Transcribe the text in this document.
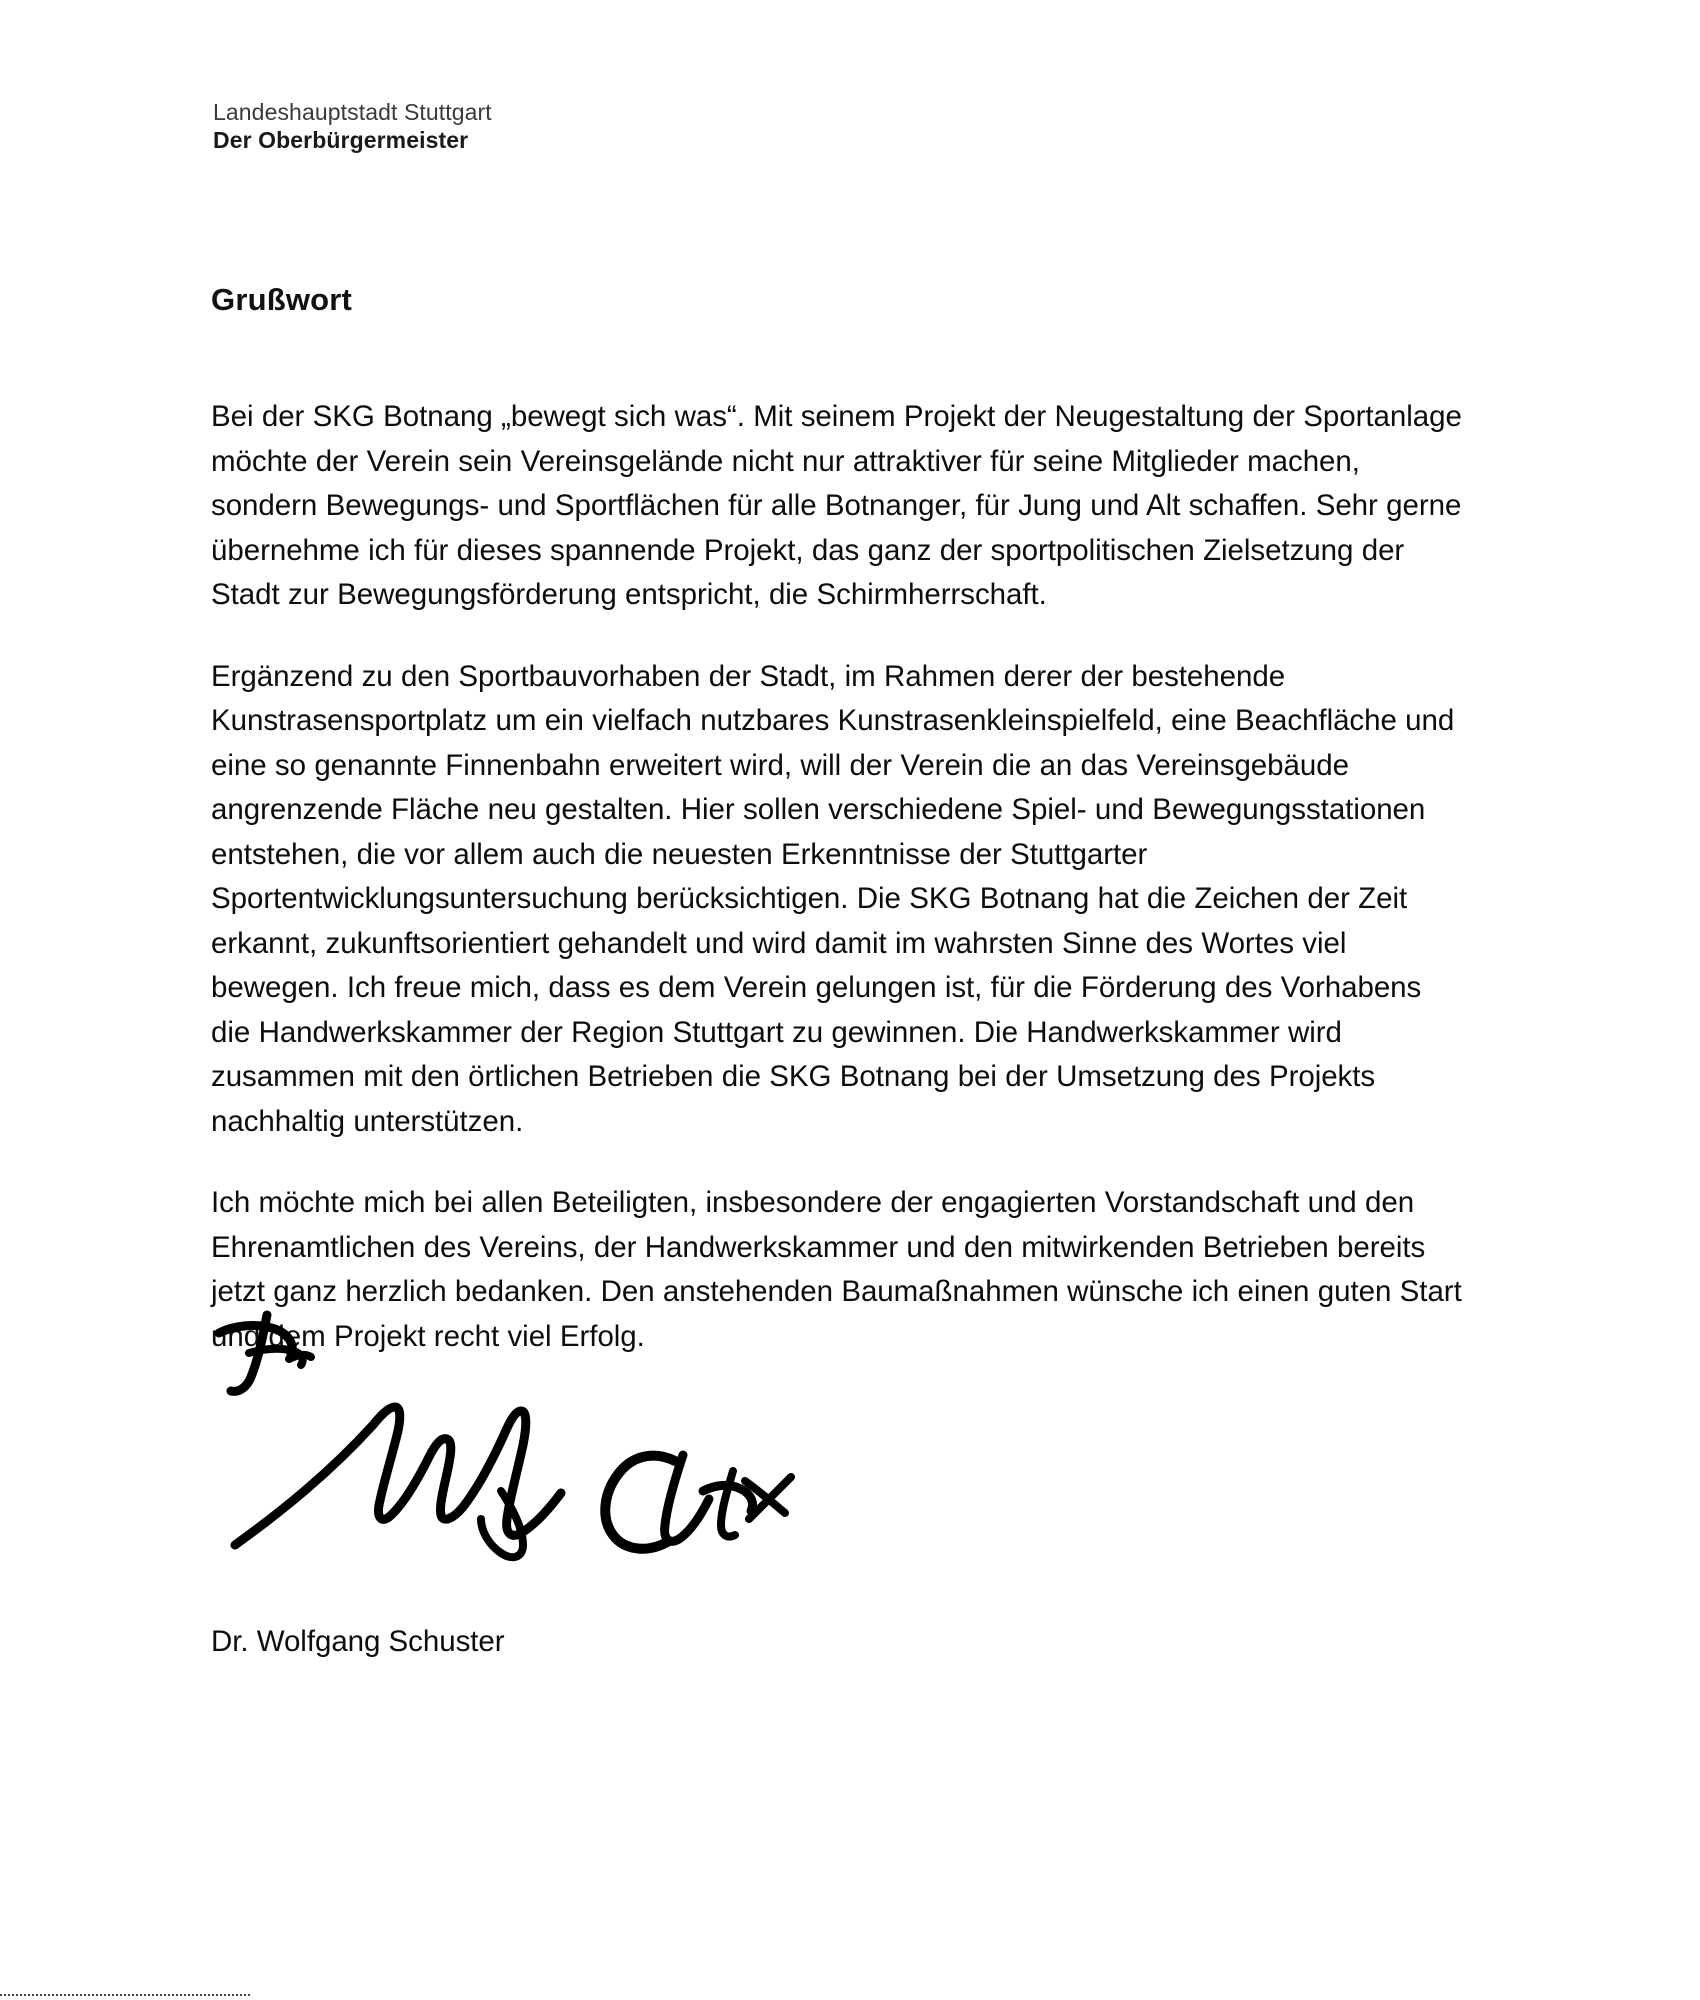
Landeshauptstadt Stuttgart
Der Oberbürgermeister
Grußwort

Bei der SKG Botnang „bewegt sich was“. Mit seinem Projekt der Neugestaltung der Sportanlage möchte der Verein sein Vereinsgelände nicht nur attraktiver für seine Mitglieder machen, sondern Bewegungs- und Sportflächen für alle Botnanger, für Jung und Alt schaffen. Sehr gerne übernehme ich für dieses spannende Projekt, das ganz der sportpolitischen Zielsetzung der Stadt zur Bewegungsförderung entspricht, die Schirmherrschaft.

Ergänzend zu den Sportbauvorhaben der Stadt, im Rahmen derer der bestehende Kunstrasensportplatz um ein vielfach nutzbares Kunstrasenkleinspielfeld, eine Beachfläche und eine so genannte Finnenbahn erweitert wird, will der Verein die an das Vereinsgebäude angrenzende Fläche neu gestalten. Hier sollen verschiedene Spiel- und Bewegungsstationen entstehen, die vor allem auch die neuesten Erkenntnisse der Stuttgarter Sportentwicklungsuntersuchung berücksichtigen. Die SKG Botnang hat die Zeichen der Zeit erkannt, zukunftsorientiert gehandelt und wird damit im wahrsten Sinne des Wortes viel bewegen. Ich freue mich, dass es dem Verein gelungen ist, für die Förderung des Vorhabens die Handwerkskammer der Region Stuttgart zu gewinnen. Die Handwerkskammer wird zusammen mit den örtlichen Betrieben die SKG Botnang bei der Umsetzung des Projekts nachhaltig unterstützen.

Ich möchte mich bei allen Beteiligten, insbesondere der engagierten Vorstandschaft und den Ehrenamtlichen des Vereins, der Handwerkskammer und den mitwirkenden Betrieben bereits jetzt ganz herzlich bedanken. Den anstehenden Baumaßnahmen wünsche ich einen guten Start und dem Projekt recht viel Erfolg.

Dr. Wolfgang Schuster
